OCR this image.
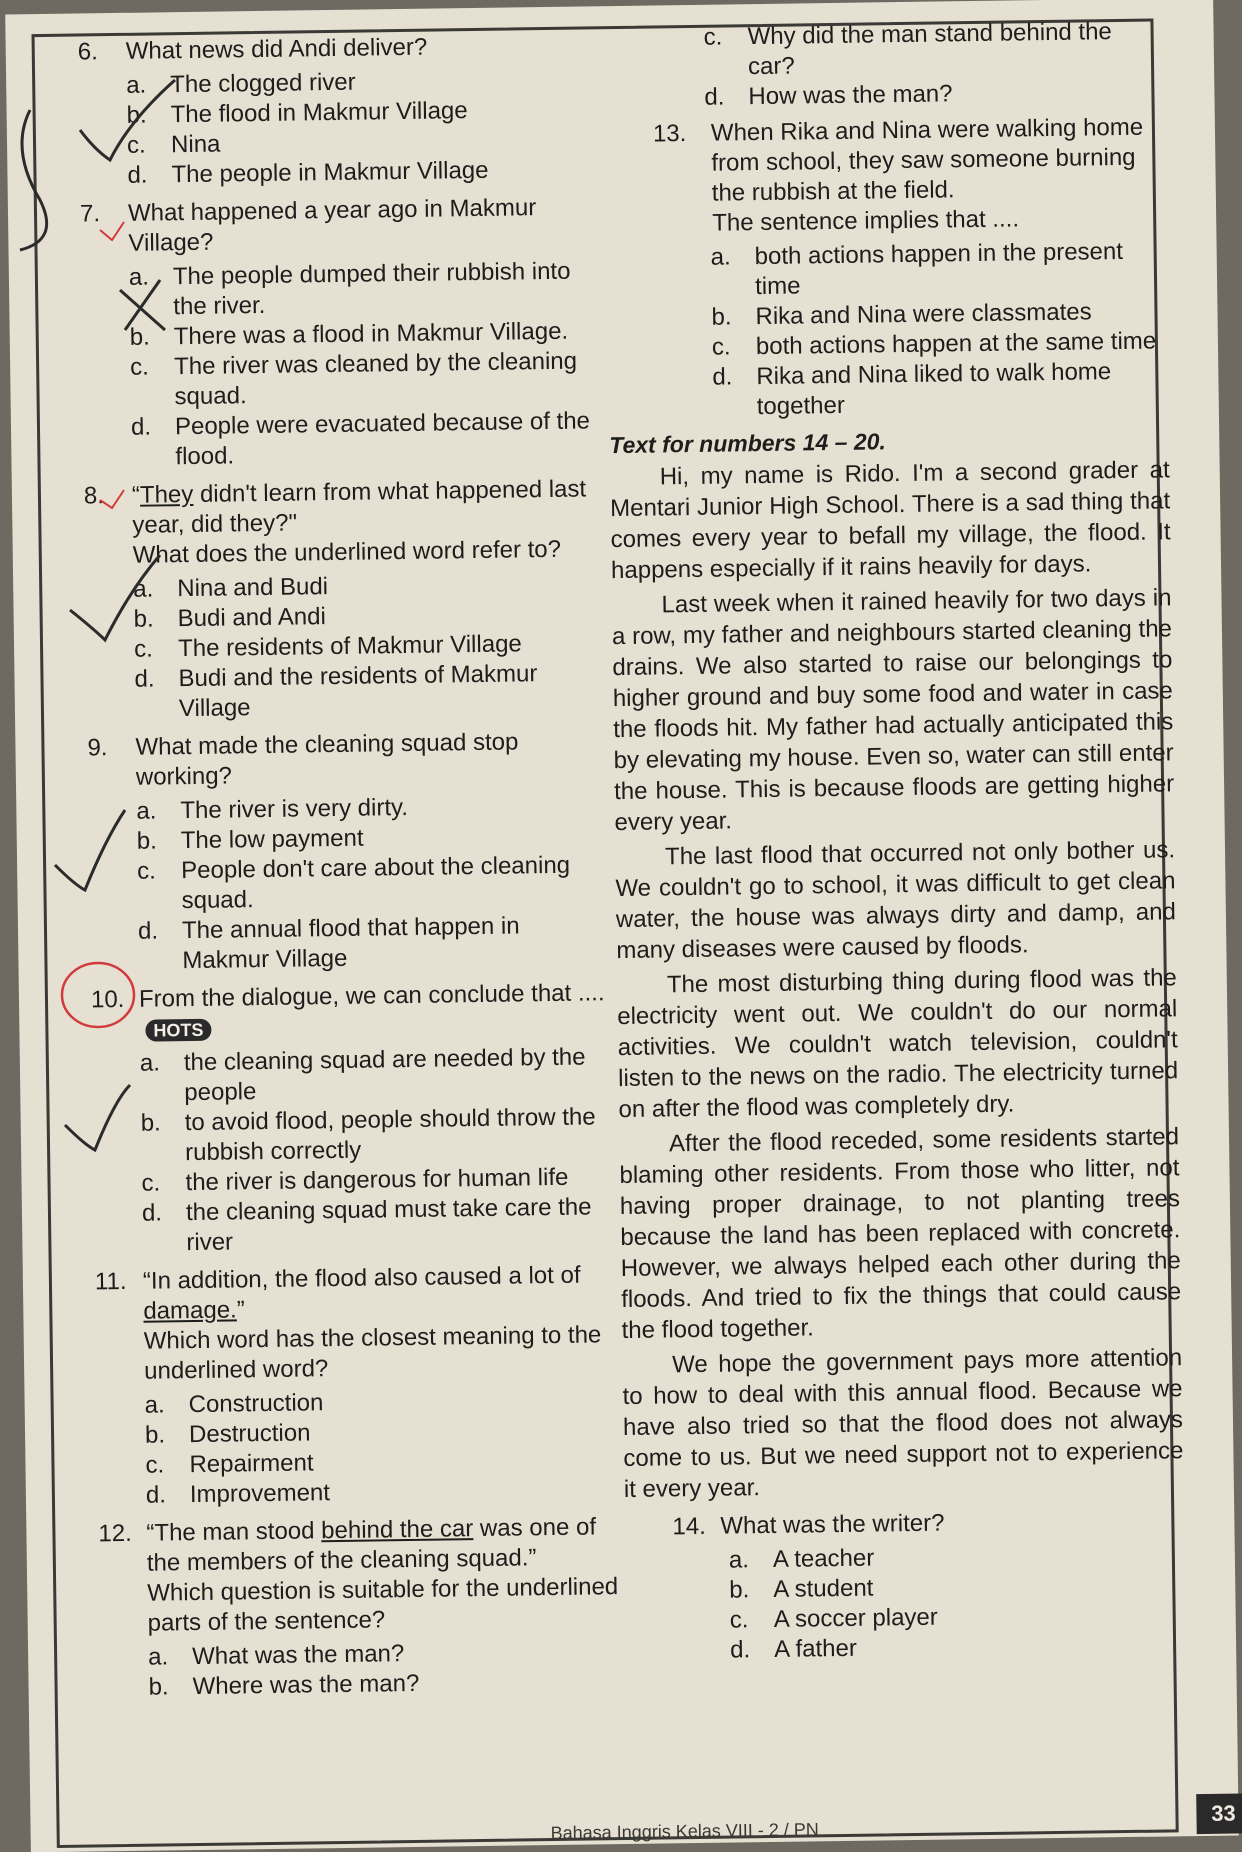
6.	What news did Andi deliver?
a. The clogged river
b. The flood in Makmur Village
c.	Nina
d. The people in Makmur Village
7.	What happened a year ago in Makmur Village?
a. The people dumped their rubbish into the river.
b. There was a flood in Makmur Village.
c.	The river was cleaned by the cleaning squad.
d. People were evacuated because of the flood.
8.	“They didn't learn from what happened last year, did they?"
What does the underlined word refer to?
a. Nina and Budi
b. Budi and Andi
c.	The residents of Makmur Village
d. Budi and the residents of Makmur Village
9.	What made the cleaning squad stop working?
a. The river is very dirty.
b. The low payment
c.	People don't care about the cleaning squad.
d. The annual flood that happen in Makmur Village
10. From the dialogue, we can conclude that ....HOTS
a. the cleaning squad are needed by the people
b. to avoid flood, people should throw the rubbish correctly
c.	the river is dangerous for human life
d. the cleaning squad must take care the river
11. “In addition, the flood also caused a lot of damage.”
Which word has the closest meaning to the underlined word?
a. Construction
b. Destruction
c.	Repairment
d. Improvement
12. “The man stood behind the car was one of the members of the cleaning squad.”
Which question is suitable for the underlined parts of the sentence?
a. What was the man?
b. Where was the man?
c.	Why did the man stand behind the car?
d. How was the man?
13. When Rika and Nina were walking home from school, they saw someone burning the rubbish at the field.
The sentence implies that ....
a. both actions happen in the present time
b. Rika and Nina were classmates
c.	both actions happen at the same time
d. Rika and Nina liked to walk home together
Text for numbers 14 – 20.

Hi, my name is Rido. I'm a second grader at Mentari Junior High School. There is a sad thing that comes every year to befall my village, the flood. It happens especially if it rains heavily for days.

Last week when it rained heavily for two days in a row, my father and neighbours started cleaning the drains. We also started to raise our belongings to higher ground and buy some food and water in case the floods hit. My father had actually anticipated this by elevating my house. Even so, water can still enter the house. This is because floods are getting higher every year.

The last flood that occurred not only bother us. We couldn't go to school, it was difficult to get clean water, the house was always dirty and damp, and many diseases were caused by floods.

The most disturbing thing during flood was the electricity went out. We couldn't do our normal activities. We couldn't watch television, couldn't listen to the news on the radio. The electricity turned on after the flood was completely dry.

After the flood receded, some residents started blaming other residents. From those who litter, not having proper drainage, to not planting trees because the land has been replaced with concrete. However, we always helped each other during the floods. And tried to fix the things that could cause the flood together.

We hope the government pays more attention to how to deal with this annual flood. Because we have also tried so that the flood does not always come to us. But we need support not to experience it every year.

14. What was the writer?
a. A teacher
b. A student
c.	A soccer player
d. A father
Bahasa Inggris Kelas VIII - 2 / PN
33
